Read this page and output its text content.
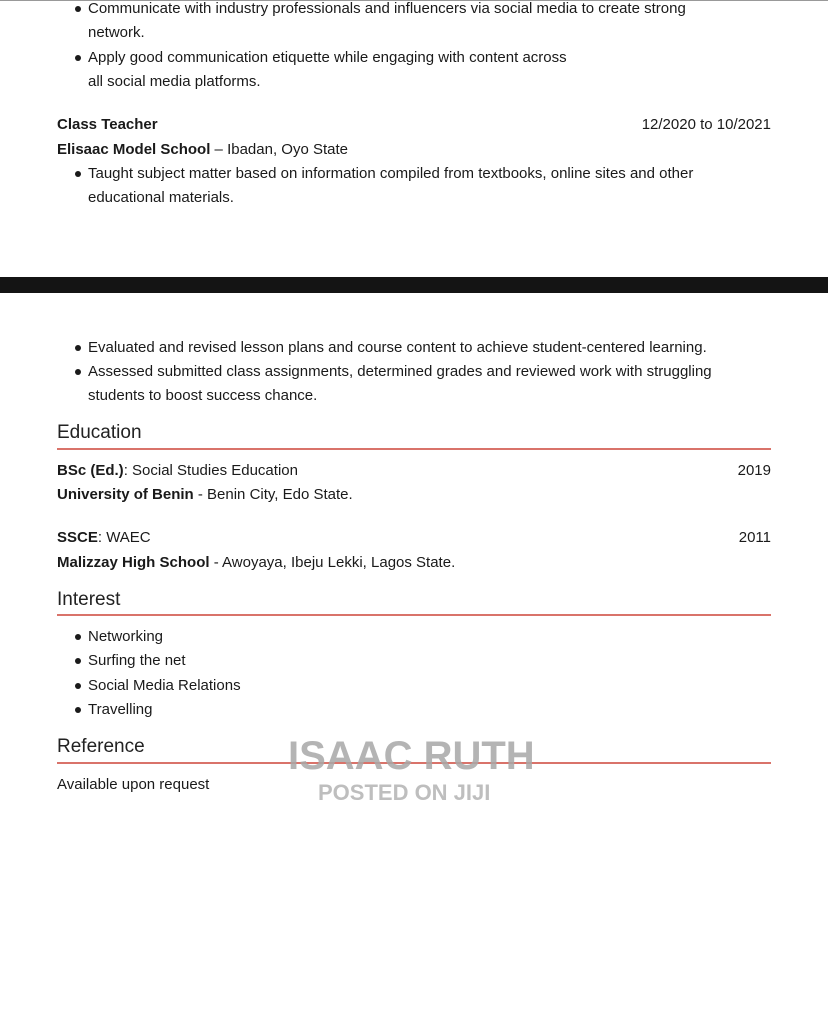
Communicate with industry professionals and influencers via social media to create strong
network.
Apply good communication etiquette while engaging with content across
all social media platforms.
Class Teacher	12/2020 to 10/2021
Elisaac Model School – Ibadan, Oyo State
Taught subject matter based on information compiled from textbooks, online sites and other
educational materials.
Evaluated and revised lesson plans and course content to achieve student-centered learning.
Assessed submitted class assignments, determined grades and reviewed work with struggling
students to boost success chance.
Education
BSc (Ed.): Social Studies Education	2019
University of Benin - Benin City, Edo State.
SSCE: WAEC	2011
Malizzay High School - Awoyaya, Ibeju Lekki, Lagos State.
Interest
Networking
Surfing the net
Social Media Relations
Travelling
Reference
Available upon request
ISAAC RUTH
POSTED ON JIJI
